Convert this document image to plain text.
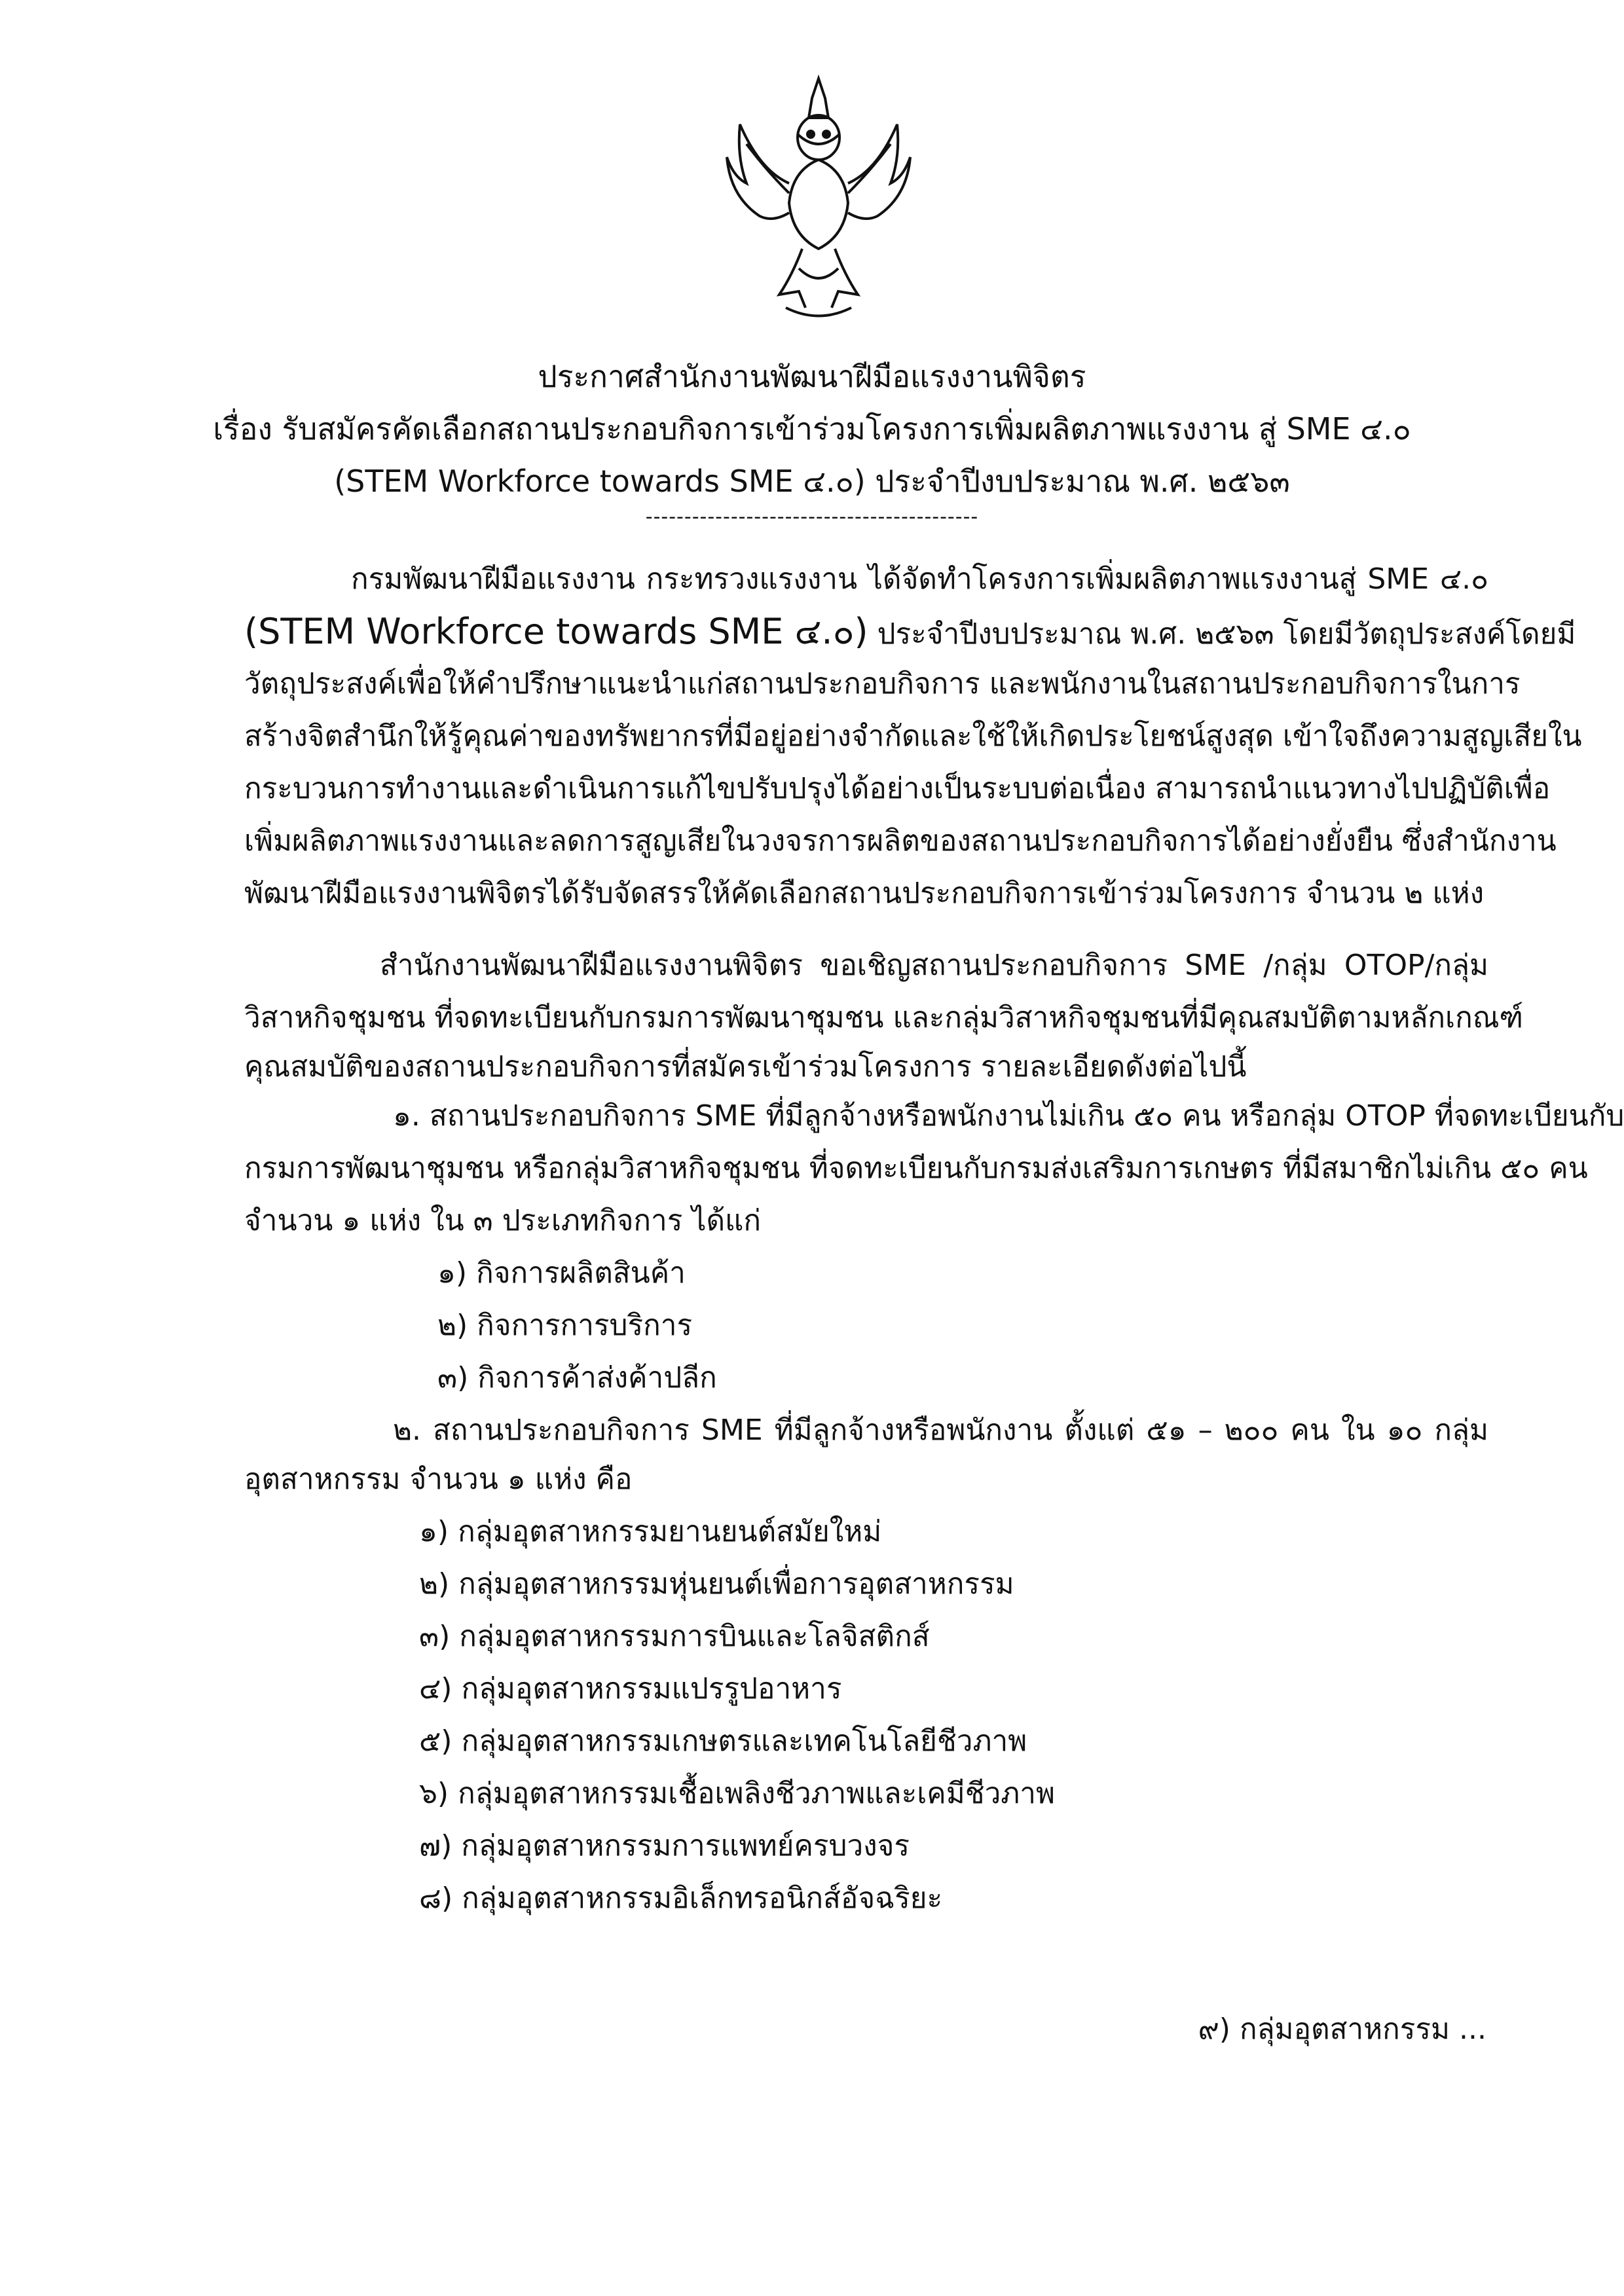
ประกาศสำนักงานพัฒนาฝีมือแรงงานพิจิตร
เรื่อง รับสมัครคัดเลือกสถานประกอบกิจการเข้าร่วมโครงการเพิ่มผลิตภาพแรงงาน สู่ SME ๔.๐
(STEM Workforce towards SME ๔.๐) ประจำปีงบประมาณ พ.ศ. ๒๕๖๓
-------------------------------------------
กรมพัฒนาฝีมือแรงงาน กระทรวงแรงงาน ได้จัดทำโครงการเพิ่มผลิตภาพแรงงานสู่ SME ๔.๐
(STEM Workforce towards SME ๔.๐) ประจำปีงบประมาณ พ.ศ. ๒๕๖๓ โดยมีวัตถุประสงค์โดยมี
วัตถุประสงค์เพื่อให้คำปรึกษาแนะนำแก่สถานประกอบกิจการ และพนักงานในสถานประกอบกิจการในการ
สร้างจิตสำนึกให้รู้คุณค่าของทรัพยากรที่มีอยู่อย่างจำกัดและใช้ให้เกิดประโยชน์สูงสุด เข้าใจถึงความสูญเสียใน
กระบวนการทำงานและดำเนินการแก้ไขปรับปรุงได้อย่างเป็นระบบต่อเนื่อง สามารถนำแนวทางไปปฏิบัติเพื่อ
เพิ่มผลิตภาพแรงงานและลดการสูญเสียในวงจรการผลิตของสถานประกอบกิจการได้อย่างยั่งยืน ซึ่งสำนักงาน
พัฒนาฝีมือแรงงานพิจิตรได้รับจัดสรรให้คัดเลือกสถานประกอบกิจการเข้าร่วมโครงการ จำนวน ๒ แห่ง
สำนักงานพัฒนาฝีมือแรงงานพิจิตร ขอเชิญสถานประกอบกิจการ SME /กลุ่ม OTOP/กลุ่ม
วิสาหกิจชุมชน ที่จดทะเบียนกับกรมการพัฒนาชุมชน และกลุ่มวิสาหกิจชุมชนที่มีคุณสมบัติตามหลักเกณฑ์
คุณสมบัติของสถานประกอบกิจการที่สมัครเข้าร่วมโครงการ รายละเอียดดังต่อไปนี้
๑. สถานประกอบกิจการ SME ที่มีลูกจ้างหรือพนักงานไม่เกิน ๕๐ คน หรือกลุ่ม OTOP ที่จดทะเบียนกับ
กรมการพัฒนาชุมชน หรือกลุ่มวิสาหกิจชุมชน ที่จดทะเบียนกับกรมส่งเสริมการเกษตร ที่มีสมาชิกไม่เกิน ๕๐ คน
จำนวน ๑ แห่ง ใน ๓ ประเภทกิจการ ได้แก่
๑) กิจการผลิตสินค้า
๒) กิจการการบริการ
๓) กิจการค้าส่งค้าปลีก
๒. สถานประกอบกิจการ SME ที่มีลูกจ้างหรือพนักงาน ตั้งแต่ ๕๑ – ๒๐๐ คน ใน ๑๐ กลุ่ม
อุตสาหกรรม จำนวน ๑ แห่ง คือ
๑) กลุ่มอุตสาหกรรมยานยนต์สมัยใหม่
๒) กลุ่มอุตสาหกรรมหุ่นยนต์เพื่อการอุตสาหกรรม
๓) กลุ่มอุตสาหกรรมการบินและโลจิสติกส์
๔) กลุ่มอุตสาหกรรมแปรรูปอาหาร
๕) กลุ่มอุตสาหกรรมเกษตรและเทคโนโลยีชีวภาพ
๖) กลุ่มอุตสาหกรรมเชื้อเพลิงชีวภาพและเคมีชีวภาพ
๗) กลุ่มอุตสาหกรรมการแพทย์ครบวงจร
๘) กลุ่มอุตสาหกรรมอิเล็กทรอนิกส์อัจฉริยะ
๙) กลุ่มอุตสาหกรรม ...
